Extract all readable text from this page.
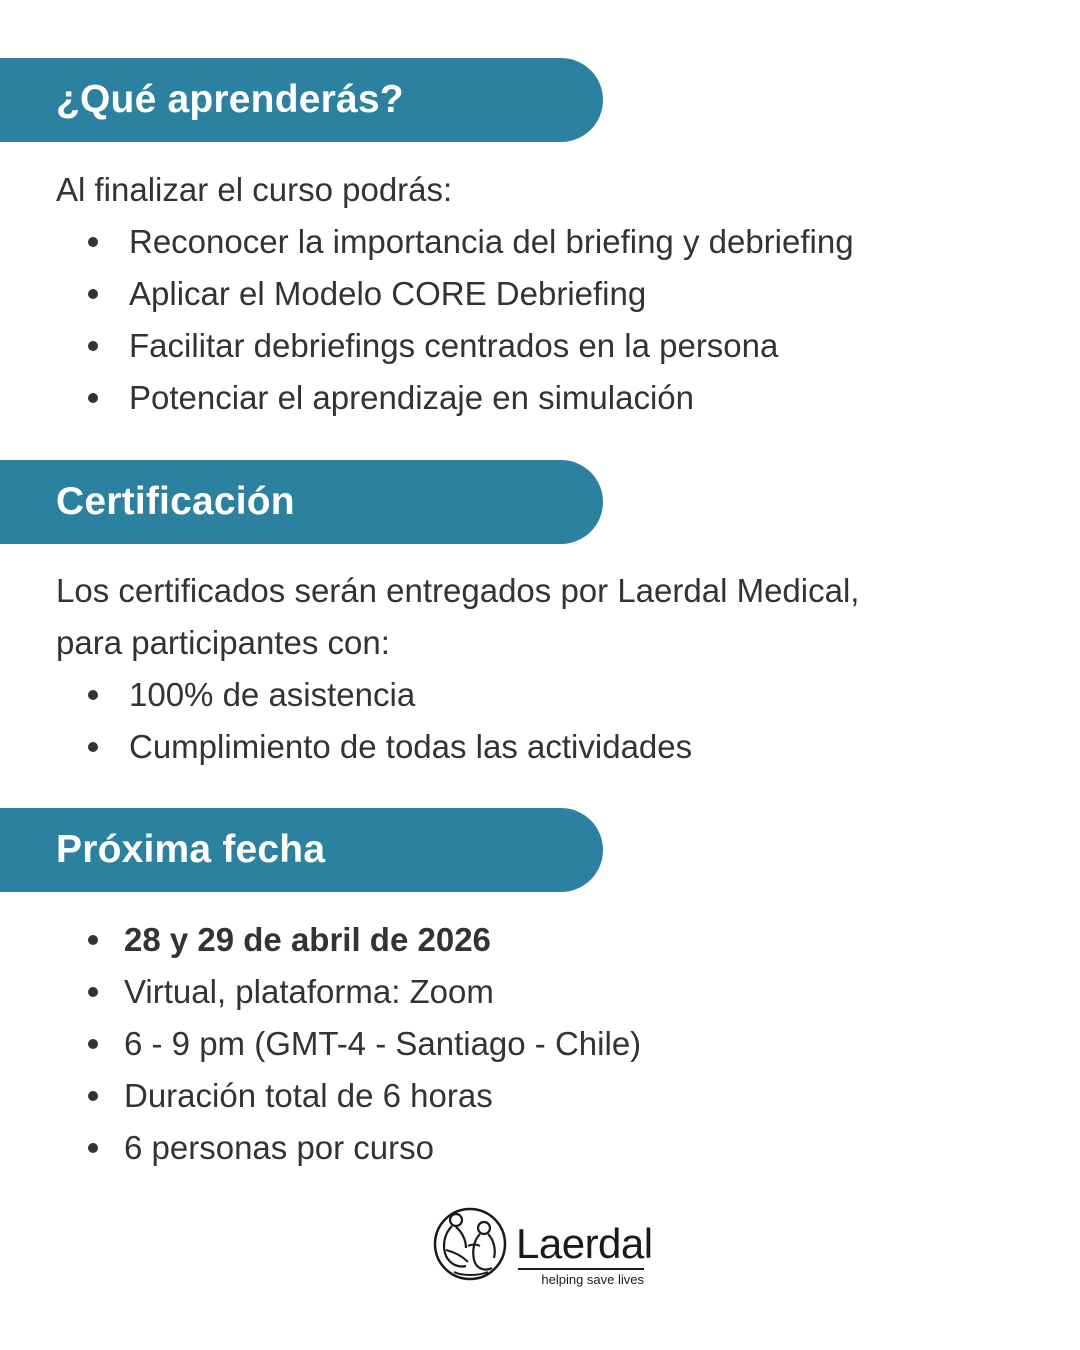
¿Qué aprenderás?
Al finalizar el curso podrás:
Reconocer la importancia del briefing y debriefing
Aplicar el Modelo CORE Debriefing
Facilitar debriefings centrados en la persona
Potenciar el aprendizaje en simulación
Certificación
Los certificados serán entregados por Laerdal Medical,
para participantes con:
100% de asistencia
Cumplimiento de todas las actividades
Próxima fecha
28 y 29 de abril de 2026
Virtual, plataforma: Zoom
6 - 9 pm (GMT-4 - Santiago - Chile)
Duración total de 6 horas
6 personas por curso
Laerdal
helping save lives
